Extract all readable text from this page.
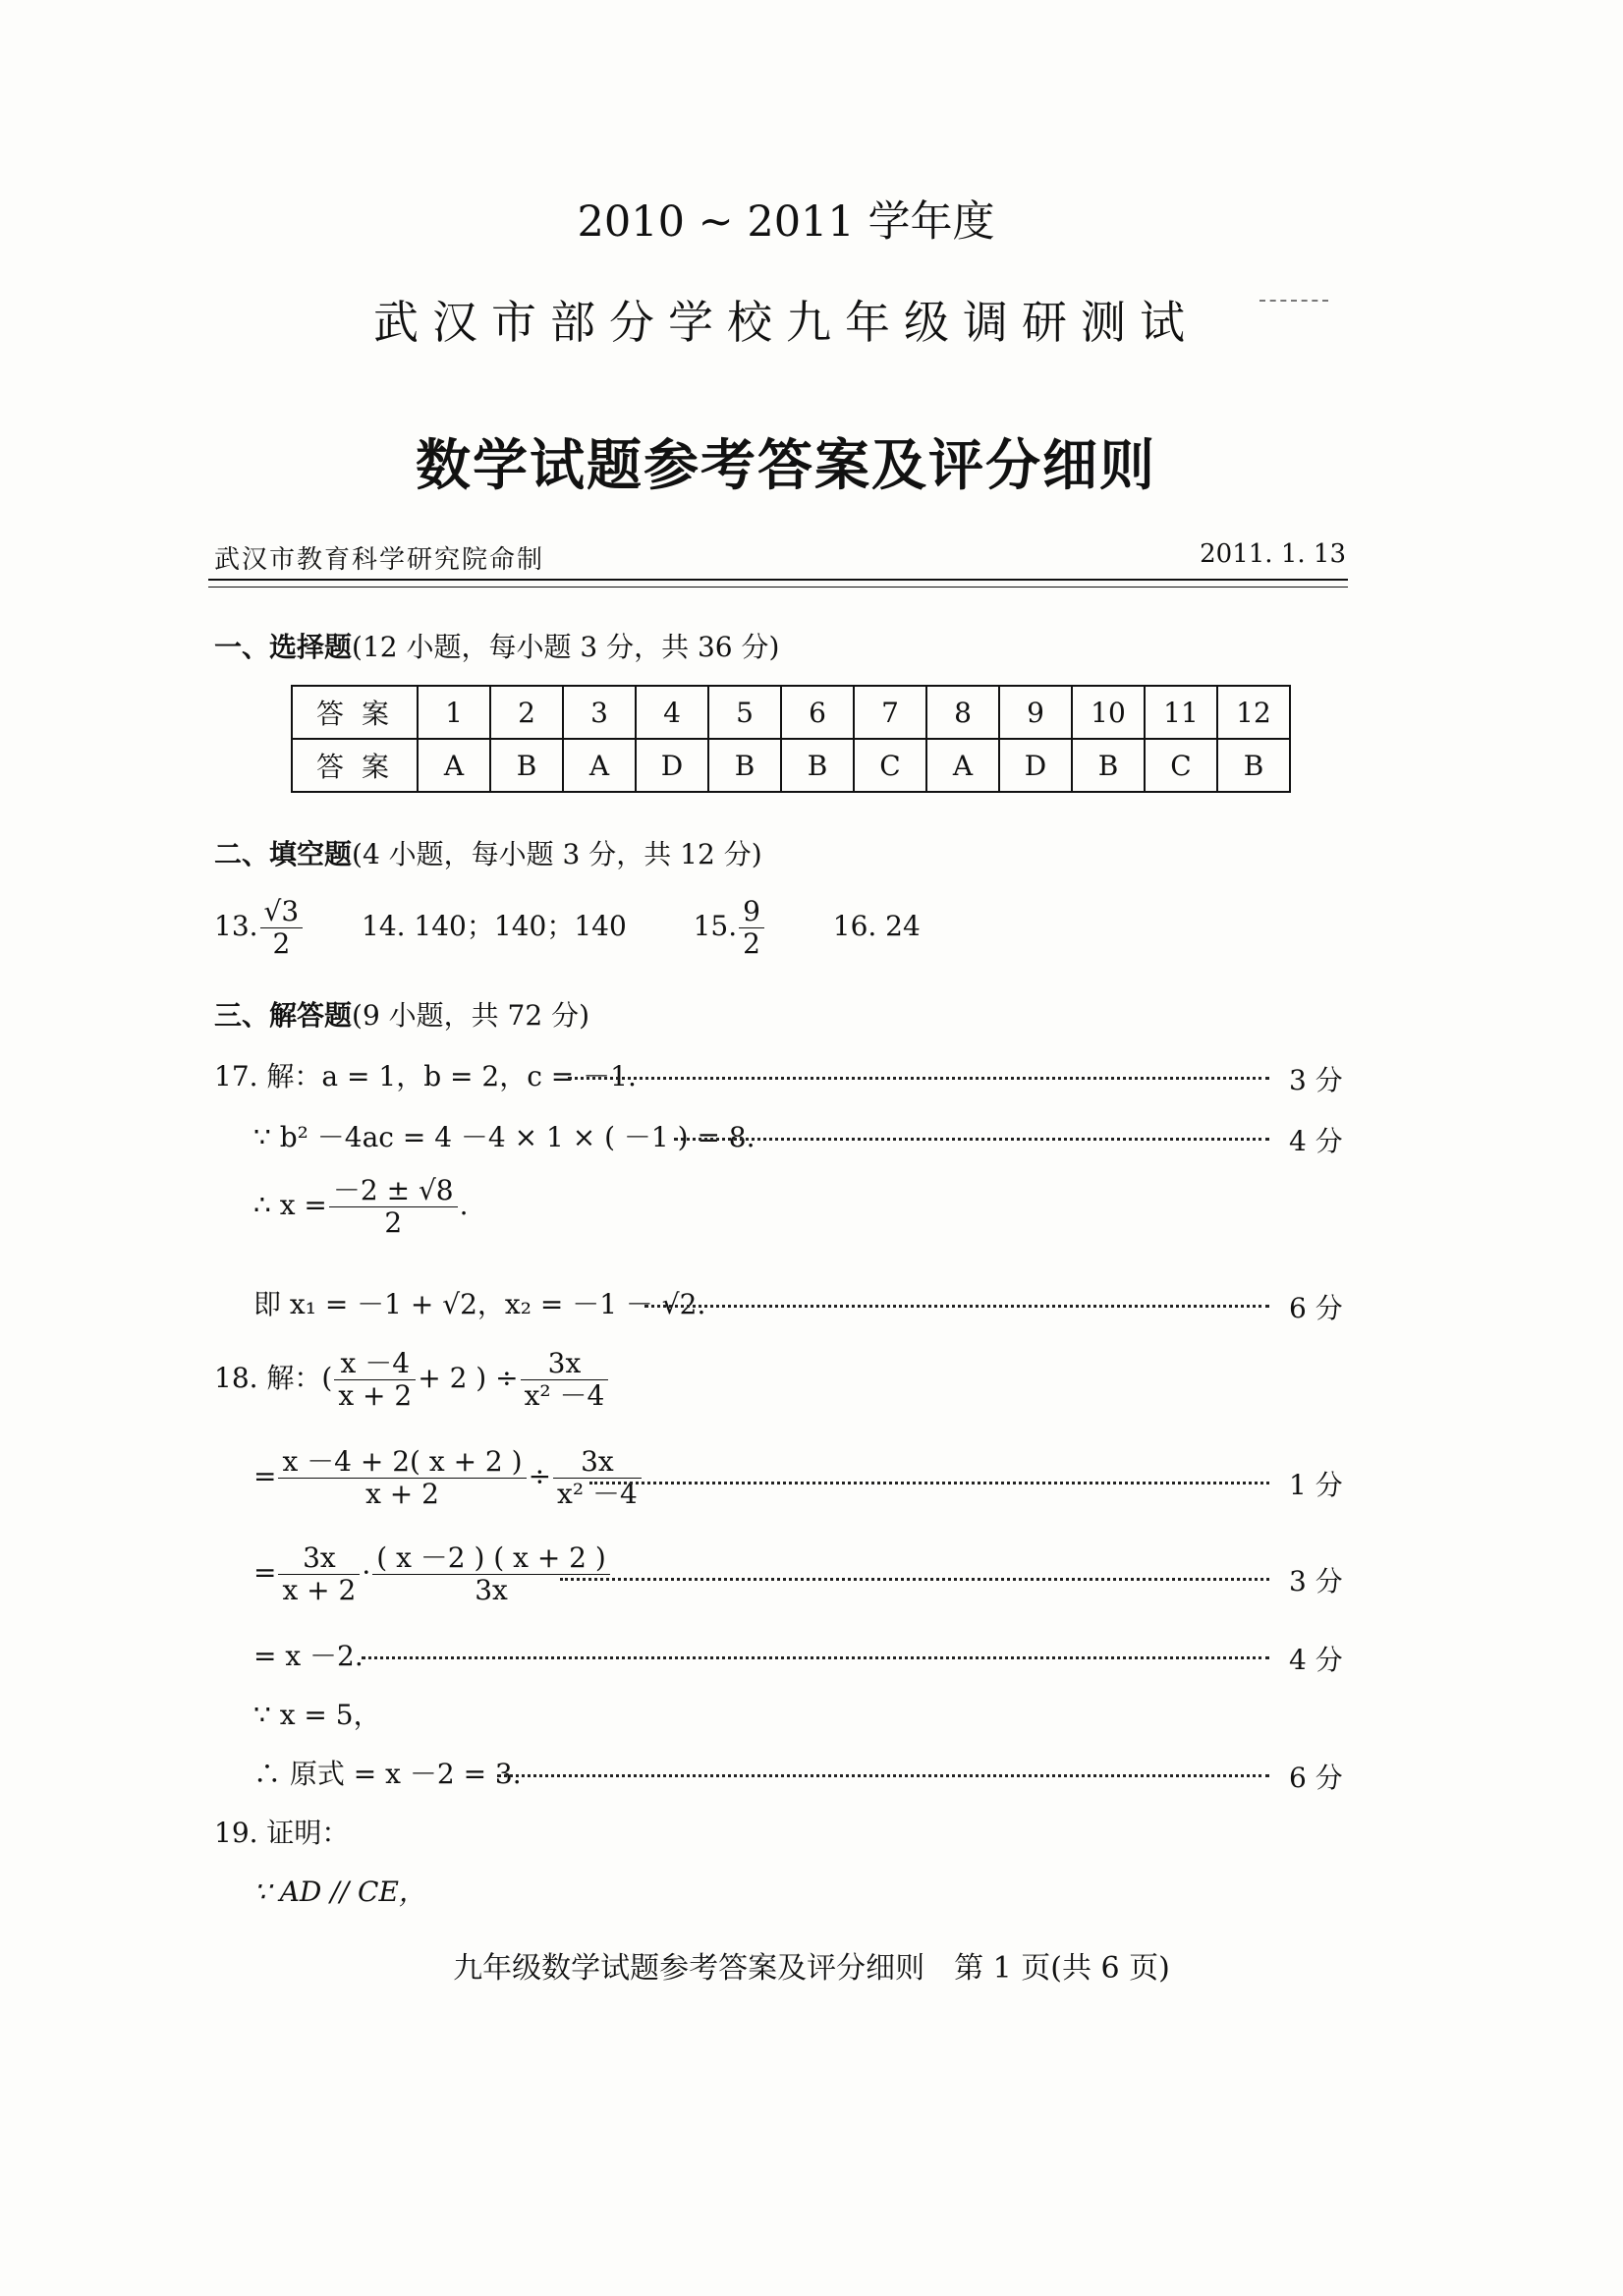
2010 ~ 2011 学年度
武汉市部分学校九年级调研测试
数学试题参考答案及评分细则
武汉市教育科学研究院命制	2011. 1. 13
一、选择题(12 小题，每小题 3 分，共 36 分)
答案	1	2	3	4	5	6	7	8	9	10	11	12
答案	A	B	A	D	B	B	C	A	D	B	C	B
二、填空题(4 小题，每小题 3 分，共 12 分)
13. $\frac{√3}{2} 14$. 140；140；140 15. $\frac{9}{2} 16$. 24
三、解答题(9 小题，共 72 分)
17. 解：a = 1，b = 2，c = －1.	3 分
∵ b² －4ac = 4 －4 × 1 × ( －1 ) = 8.	4 分
∴ $x = \frac{-2 \pm √8}{2}$ .
即 x₁ = －1 + √2，x₂ = －1 － √2.	6 分
18. 解：( $\frac{x -4}{x + 2} + 2$ ) ÷ $\frac{3x}{\text{x² －4}}$
= $\frac{x -4 + 2( x + 2 )}{x + 2} \div \frac{3x}{\text{x² －4}}$	1 分
= $\frac{3x}{x + 2} \cdot \frac{( x -2 ) ( x + 2 )}{3x}$	3 分
= x －2.	4 分
∵ x = 5，
∴ 原式 = x －2 = 3.	6 分
19. 证明：
∵ AD // CE，
九年级数学试题参考答案及评分细则　第 1 页(共 6 页)
